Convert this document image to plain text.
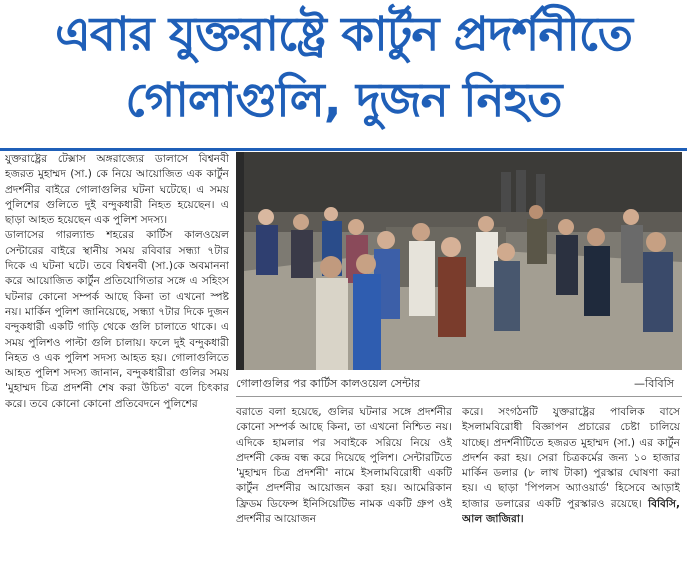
এবার যুক্তরাষ্ট্রে কার্টুন প্রদর্শনীতে
গোলাগুলি, দুজন নিহত

যুক্তরাষ্ট্রের টেক্সাস অঙ্গরাজ্যের ডালাসে বিশ্বনবী হজরত মুহাম্মদ (সা.) কে নিয়ে আয়োজিত এক কার্টুন প্রদর্শনীর বাইরে গোলাগুলির ঘটনা ঘটেছে। এ সময় পুলিশের গুলিতে দুই বন্দুকধারী নিহত হয়েছেন। এ ছাড়া আহত হয়েছেন এক পুলিশ সদস্য।

ডালাসের গারল্যান্ড শহরের কার্টিস কালওয়েল সেন্টারের বাইরে স্থানীয় সময় রবিবার সন্ধ্যা ৭টার দিকে এ ঘটনা ঘটে। তবে বিশ্বনবী (সা.)কে অবমাননা করে আয়োজিত কার্টুন প্রতিযোগিতার সঙ্গে এ সহিংস ঘটনার কোনো সম্পর্ক আছে কিনা তা এখনো স্পষ্ট নয়। মার্কিন পুলিশ জানিয়েছে, সন্ধ্যা ৭টার দিকে দুজন বন্দুকধারী একটি গাড়ি থেকে গুলি চালাতে থাকে। এ সময় পুলিশও পাল্টা গুলি চালায়। ফলে দুই বন্দুকধারী নিহত ও এক পুলিশ সদস্য আহত হয়। গোলাগুলিতে আহত পুলিশ সদস্য জানান, বন্দুকধারীরা গুলির সময় 'মুহাম্মদ চিত্র প্রদর্শনী শেষ করা উচিত' বলে চিৎকার করে। তবে কোনো কোনো প্রতিবেদনে পুলিশের

গোলাগুলির পর কার্টিস কালওয়েল সেন্টার	—বিবিসি

বরাতে বলা হয়েছে, গুলির ঘটনার সঙ্গে প্রদর্শনীর কোনো সম্পর্ক আছে কিনা, তা এখনো নিশ্চিত নয়। এদিকে হামলার পর সবাইকে সরিয়ে নিয়ে ওই প্রদর্শনী কেন্দ্র বন্ধ করে দিয়েছে পুলিশ। সেন্টারটিতে 'মুহাম্মদ চিত্র প্রদর্শনী' নামে ইসলামবিরোধী একটি কার্টুন প্রদর্শনীর আয়োজন করা হয়। আমেরিকান ফ্রিডম ডিফেন্স ইনিসিয়েটিভ নামক একটি গ্রুপ ওই প্রদর্শনীর আয়োজন

করে। সংগঠনটি যুক্তরাষ্ট্রের পাবলিক বাসে ইসলামবিরোধী বিজ্ঞাপন প্রচারের চেষ্টা চালিয়ে যাচ্ছে। প্রদর্শনীটিতে হজরত মুহাম্মদ (সা.) এর কার্টুন প্রদর্শন করা হয়। সেরা চিত্রকর্মের জন্য ১০ হাজার মার্কিন ডলার (৮ লাখ টাকা) পুরস্কার ঘোষণা করা হয়। এ ছাড়া 'পিপলস অ্যাওয়ার্ড' হিসেবে আড়াই হাজার ডলারের একটি পুরস্কারও রয়েছে। বিবিসি, আল জাজিরা।
